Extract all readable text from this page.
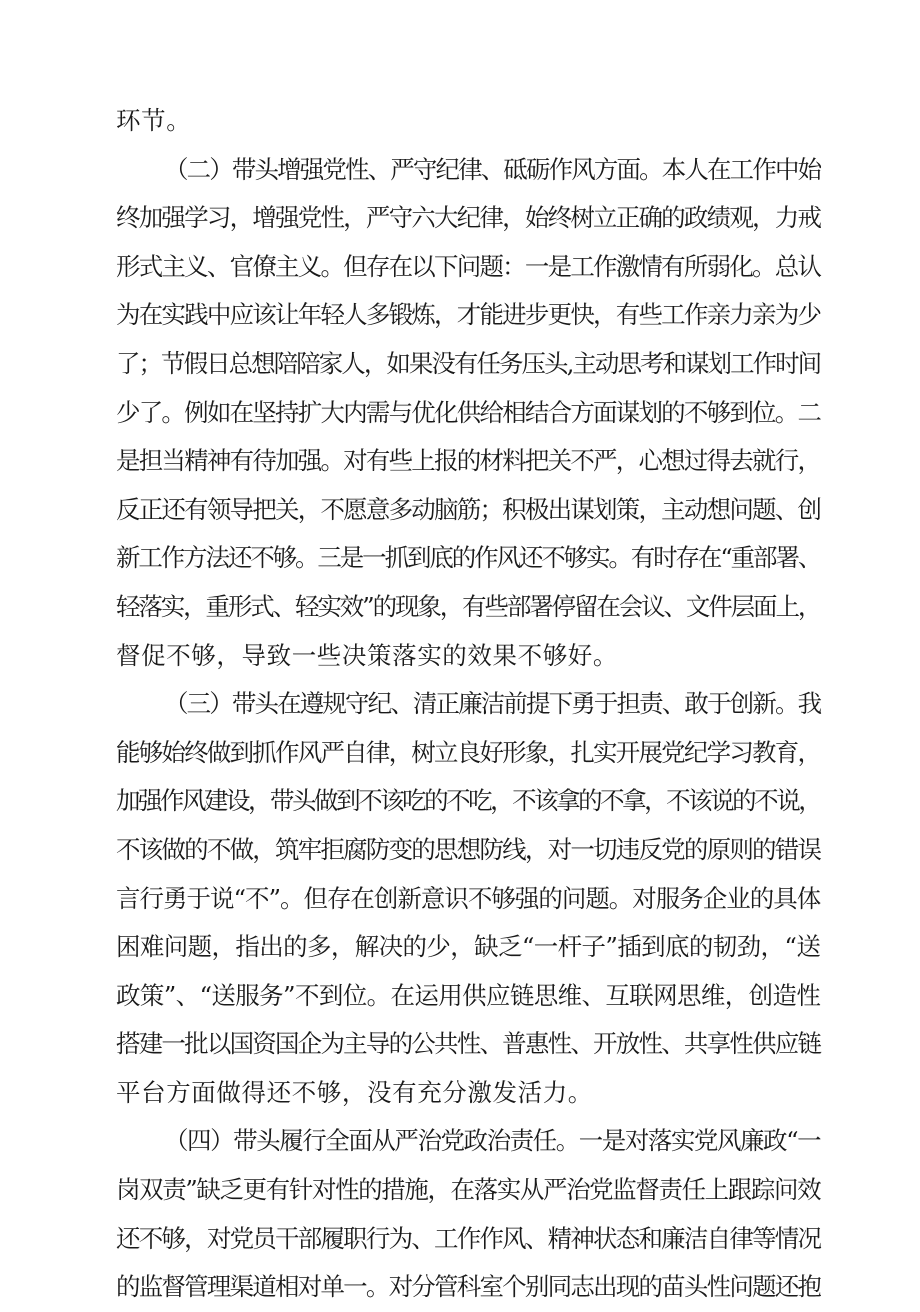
环节。
（二）带头增强党性、严守纪律、砥砺作风方面。本人在工作中始
终加强学习，增强党性，严守六大纪律，始终树立正确的政绩观，力戒
形式主义、官僚主义。但存在以下问题：一是工作激情有所弱化。总认
为在实践中应该让年轻人多锻炼，才能进步更快，有些工作亲力亲为少
了；节假日总想陪陪家人，如果没有任务压头,主动思考和谋划工作时间
少了。例如在坚持扩大内需与优化供给相结合方面谋划的不够到位。二
是担当精神有待加强。对有些上报的材料把关不严，心想过得去就行，
反正还有领导把关，不愿意多动脑筋；积极出谋划策，主动想问题、创
新工作方法还不够。三是一抓到底的作风还不够实。有时存在“重部署、
轻落实，重形式、轻实效”的现象，有些部署停留在会议、文件层面上，
督促不够，导致一些决策落实的效果不够好。
（三）带头在遵规守纪、清正廉洁前提下勇于担责、敢于创新。我
能够始终做到抓作风严自律，树立良好形象，扎实开展党纪学习教育，
加强作风建设，带头做到不该吃的不吃，不该拿的不拿，不该说的不说，
不该做的不做，筑牢拒腐防变的思想防线，对一切违反党的原则的错误
言行勇于说“不”。但存在创新意识不够强的问题。对服务企业的具体
困难问题，指出的多，解决的少，缺乏“一杆子”插到底的韧劲，“送
政策”、“送服务”不到位。在运用供应链思维、互联网思维，创造性
搭建一批以国资国企为主导的公共性、普惠性、开放性、共享性供应链
平台方面做得还不够，没有充分激发活力。
（四）带头履行全面从严治党政治责任。一是对落实党风廉政“一
岗双责”缺乏更有针对性的措施，在落实从严治党监督责任上跟踪问效
还不够，对党员干部履职行为、工作作风、精神状态和廉洁自律等情况
的监督管理渠道相对单一。对分管科室个别同志出现的苗头性问题还抱
